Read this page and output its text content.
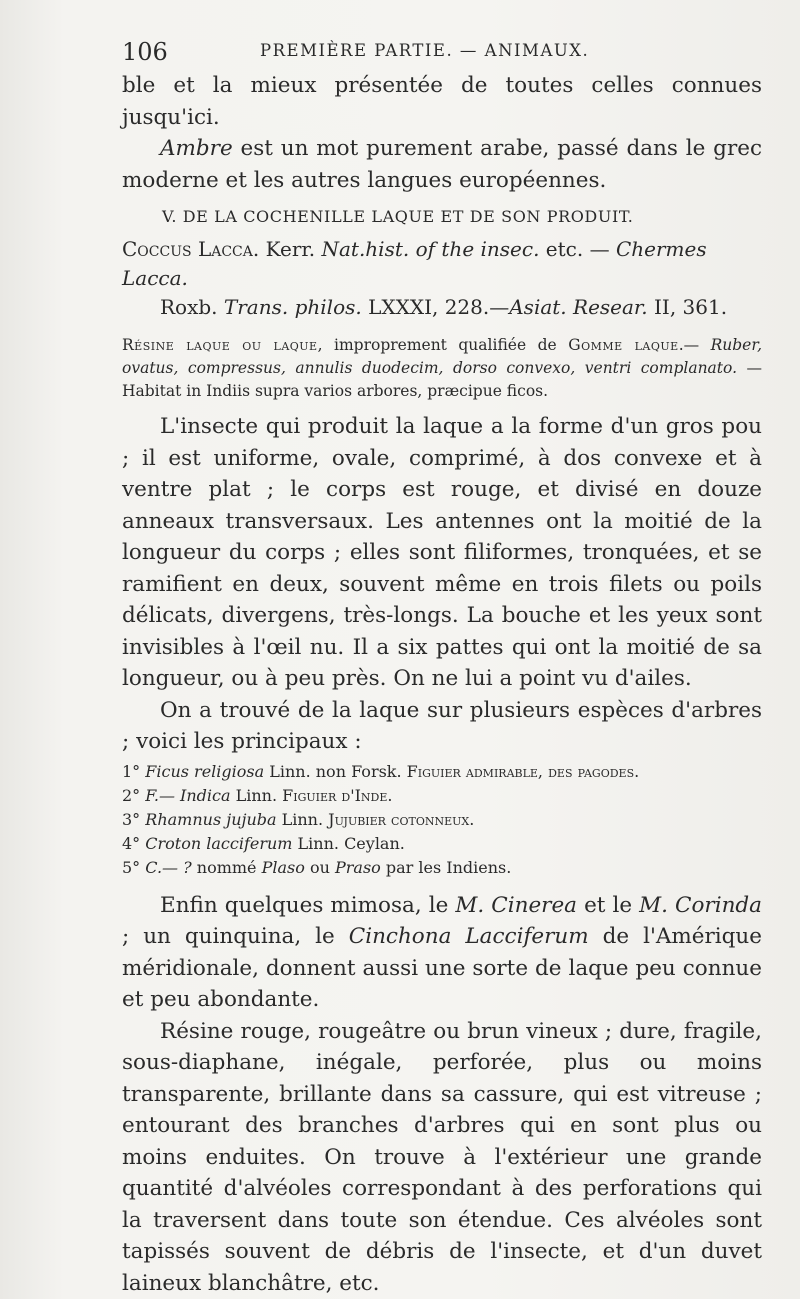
106	PREMIÈRE PARTIE. — ANIMAUX.

ble et la mieux présentée de toutes celles connues jusqu'ici.

Ambre est un mot purement arabe, passé dans le grec moderne et les autres langues européennes.

V. DE LA COCHENILLE LAQUE ET DE SON PRODUIT.
Coccus Lacca. Kerr. Nat.hist. of the insec. etc. — Chermes Lacca.
Roxb. Trans. philos. LXXXI, 228.—Asiat. Resear. II, 361.
Résine laque ou laque, improprement qualifiée de Gomme laque.— Ruber, ovatus, compressus, annulis duodecim, dorso convexo, ventri complanato. — Habitat in Indiis supra varios arbores, præcipue ficos.

L'insecte qui produit la laque a la forme d'un gros pou ; il est uniforme, ovale, comprimé, à dos convexe et à ventre plat ; le corps est rouge, et divisé en douze anneaux transversaux. Les antennes ont la moitié de la longueur du corps ; elles sont filiformes, tronquées, et se ramifient en deux, souvent même en trois filets ou poils délicats, divergens, très-longs. La bouche et les yeux sont invisibles à l'œil nu. Il a six pattes qui ont la moitié de sa longueur, ou à peu près. On ne lui a point vu d'ailes.

On a trouvé de la laque sur plusieurs espèces d'arbres ; voici les principaux :

1° Ficus religiosa Linn. non Forsk. Figuier admirable, des pagodes.
2° F.— Indica Linn. Figuier d'Inde.
3° Rhamnus jujuba Linn. Jujubier cotonneux.
4° Croton lacciferum Linn. Ceylan.
5° C.— ? nommé Plaso ou Praso par les Indiens.

Enfin quelques mimosa, le M. Cinerea et le M. Corinda ; un quinquina, le Cinchona Lacciferum de l'Amérique méridionale, donnent aussi une sorte de laque peu connue et peu abondante.

Résine rouge, rougeâtre ou brun vineux ; dure, fragile, sous-diaphane, inégale, perforée, plus ou moins transparente, brillante dans sa cassure, qui est vitreuse ; entourant des branches d'arbres qui en sont plus ou moins enduites. On trouve à l'extérieur une grande quantité d'alvéoles correspondant à des perforations qui la traversent dans toute son étendue. Ces alvéoles sont tapissés souvent de débris de l'insecte, et d'un duvet laineux blanchâtre, etc.
